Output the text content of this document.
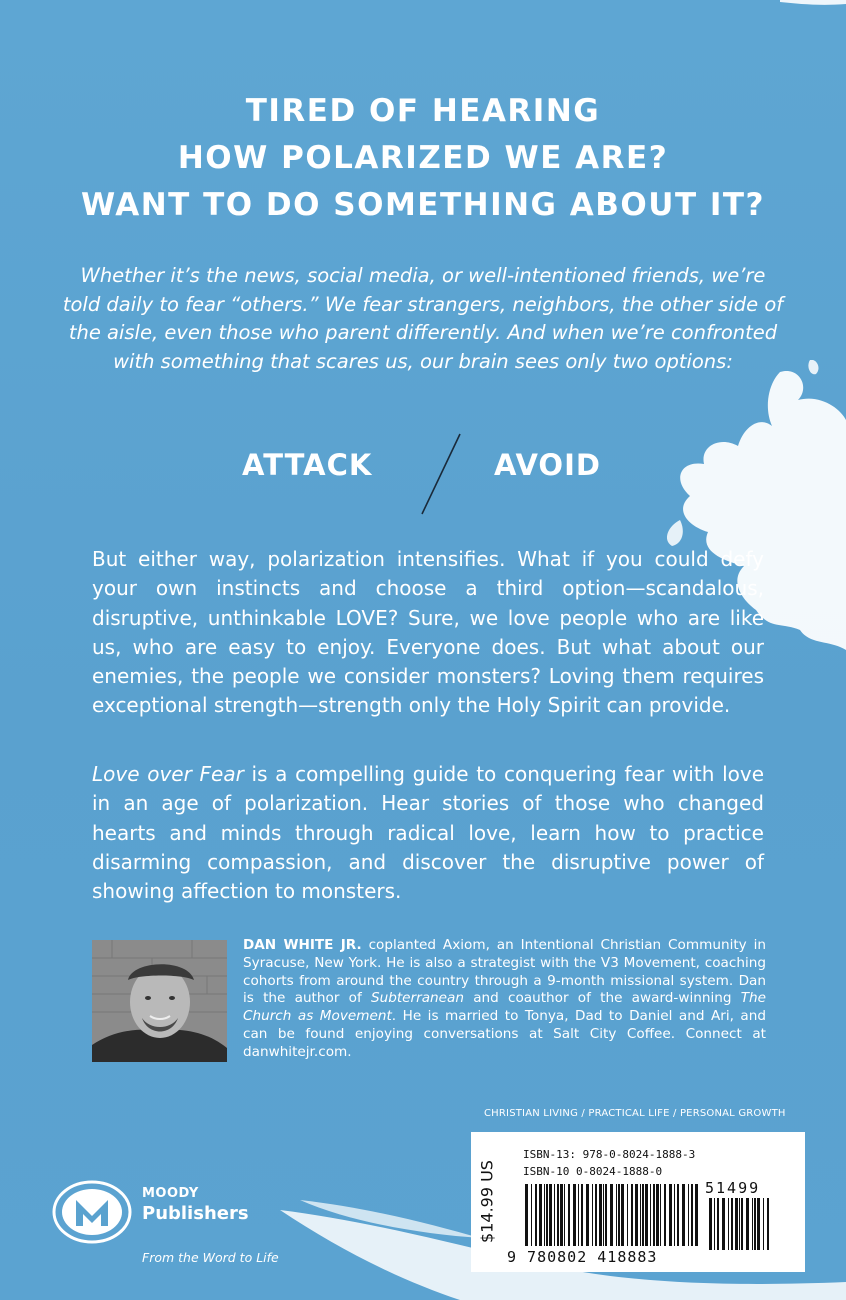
TIRED OF HEARING
HOW POLARIZED WE ARE?
WANT TO DO SOMETHING ABOUT IT?
Whether it’s the news, social media, or well-intentioned friends, we’re told daily to fear “others.” We fear strangers, neighbors, the other side of the aisle, even those who parent differently. And when we’re confronted with something that scares us, our brain sees only two options:
ATTACK	AVOID
But either way, polarization intensifies. What if you could defy your own instincts and choose a third option—scandalous, disruptive, unthinkable LOVE? Sure, we love people who are like us, who are easy to enjoy. Everyone does. But what about our enemies, the people we consider monsters? Loving them requires exceptional strength—strength only the Holy Spirit can provide.
Love over Fear is a compelling guide to conquering fear with love in an age of polarization. Hear stories of those who changed hearts and minds through radical love, learn how to practice disarming compassion, and discover the disruptive power of showing affection to monsters.
DAN WHITE JR. coplanted Axiom, an Intentional Christian Community in Syracuse, New York. He is also a strategist with the V3 Movement, coaching cohorts from around the country through a 9-month missional system. Dan is the author of Subterranean and coauthor of the award-winning The Church as Movement. He is married to Tonya, Dad to Daniel and Ari, and can be found enjoying conversations at Salt City Coffee. Connect at danwhitejr.com.
CHRISTIAN LIVING / PRACTICAL LIFE / PERSONAL GROWTH
$14.99 US
ISBN-13: 978-0-8024-1888-3
ISBN-10 0-8024-1888-0
51499
9 780802 418883
MOODY
Publishers
From the Word to Life
